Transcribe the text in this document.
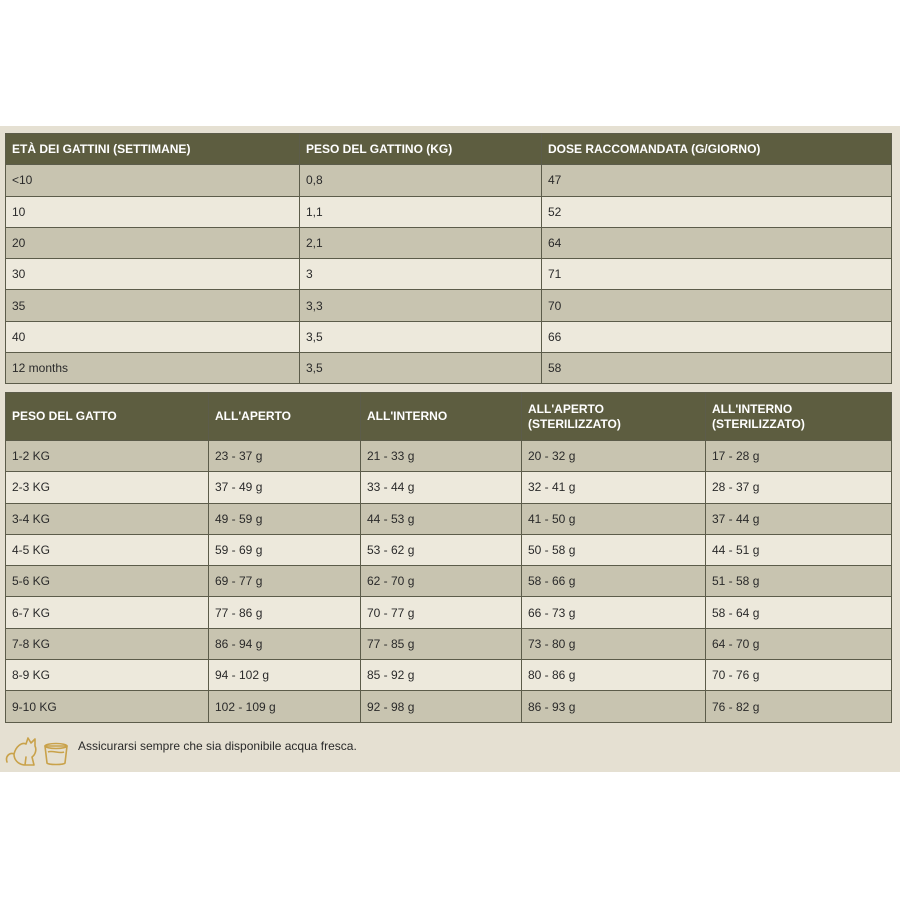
ETÀ DEI GATTINI (SETTIMANE)	PESO DEL GATTINO (KG)	DOSE RACCOMANDATA (G/GIORNO)
<10	0,8	47
10	1,1	52
20	2,1	64
30	3	71
35	3,3	70
40	3,5	66
12 months	3,5	58
PESO DEL GATTO	ALL'APERTO	ALL'INTERNO	ALL'APERTO (STERILIZZATO)	ALL'INTERNO (STERILIZZATO)
1-2 KG	23 - 37 g	21 - 33 g	20 - 32 g	17 - 28 g
2-3 KG	37 - 49 g	33 - 44 g	32 - 41 g	28 - 37 g
3-4 KG	49 - 59 g	44 - 53 g	41 - 50 g	37 - 44 g
4-5 KG	59 - 69 g	53 - 62 g	50 - 58 g	44 - 51 g
5-6 KG	69 - 77 g	62 - 70 g	58 - 66 g	51 - 58 g
6-7 KG	77 - 86 g	70 - 77 g	66 - 73 g	58 - 64 g
7-8 KG	86 - 94 g	77 - 85 g	73 - 80 g	64 - 70 g
8-9 KG	94 - 102 g	85 - 92 g	80 - 86 g	70 - 76 g
9-10 KG	102 - 109 g	92 - 98 g	86 - 93 g	76 - 82 g
Assicurarsi sempre che sia disponibile acqua fresca.
